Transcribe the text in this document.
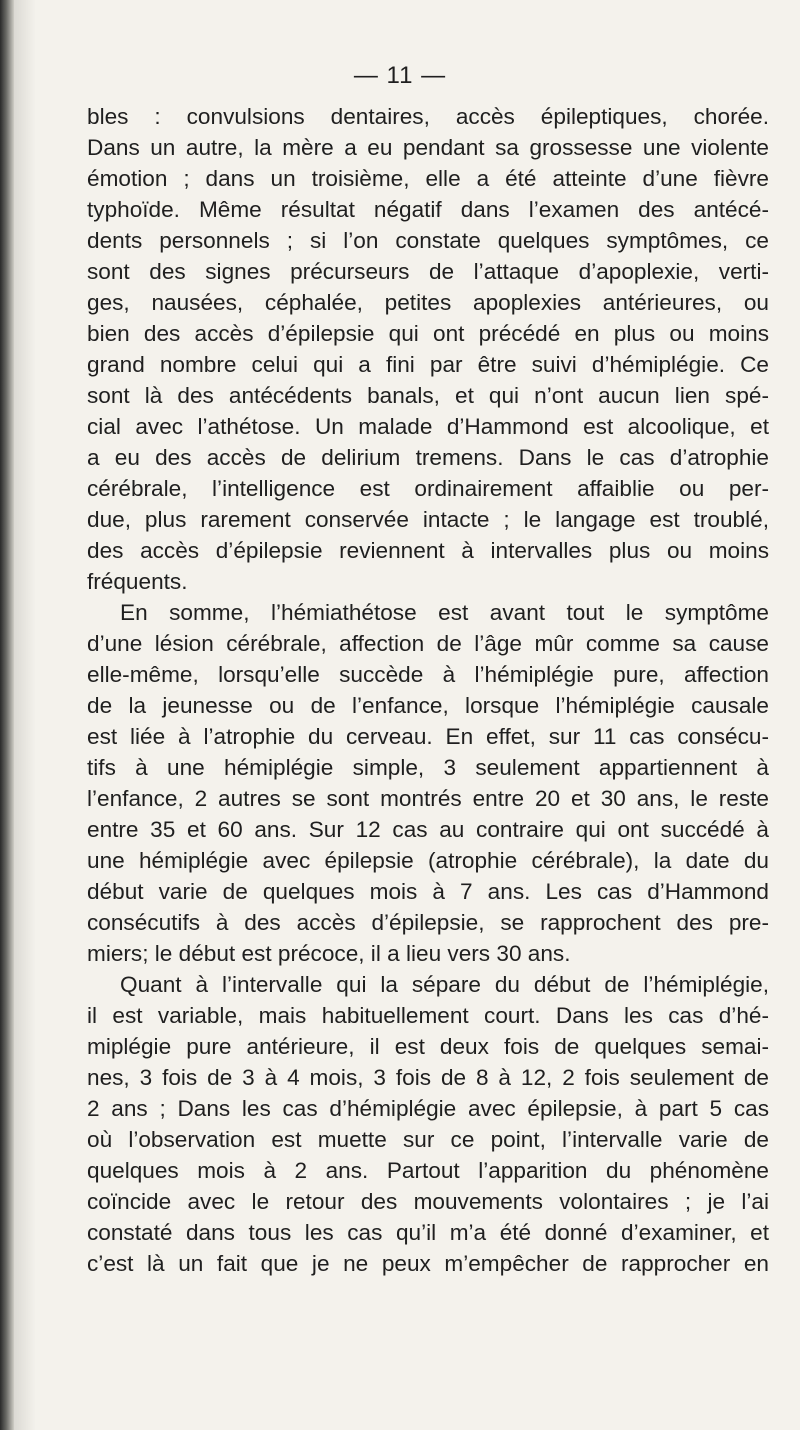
— 11 —
bles : convulsions dentaires, accès épileptiques, chorée.
Dans un autre, la mère a eu pendant sa grossesse une violente
émotion ; dans un troisième, elle a été atteinte d’une fièvre
typhoïde. Même résultat négatif dans l’examen des antécé-
dents personnels ; si l’on constate quelques symptômes, ce
sont des signes précurseurs de l’attaque d’apoplexie, verti-
ges, nausées, céphalée, petites apoplexies antérieures, ou
bien des accès d’épilepsie qui ont précédé en plus ou moins
grand nombre celui qui a fini par être suivi d’hémiplégie. Ce
sont là des antécédents banals, et qui n’ont aucun lien spé-
cial avec l’athétose. Un malade d’Hammond est alcoolique, et
a eu des accès de delirium tremens. Dans le cas d’atrophie
cérébrale, l’intelligence est ordinairement affaiblie ou per-
due, plus rarement conservée intacte ; le langage est troublé,
des accès d’épilepsie reviennent à intervalles plus ou moins
fréquents.
En somme, l’hémiathétose est avant tout le symptôme
d’une lésion cérébrale, affection de l’âge mûr comme sa cause
elle-même, lorsqu’elle succède à l’hémiplégie pure, affection
de la jeunesse ou de l’enfance, lorsque l’hémiplégie causale
est liée à l’atrophie du cerveau. En effet, sur 11 cas consécu-
tifs à une hémiplégie simple, 3 seulement appartiennent à
l’enfance, 2 autres se sont montrés entre 20 et 30 ans, le reste
entre 35 et 60 ans. Sur 12 cas au contraire qui ont succédé à
une hémiplégie avec épilepsie (atrophie cérébrale), la date du
début varie de quelques mois à 7 ans. Les cas d’Hammond
consécutifs à des accès d’épilepsie, se rapprochent des pre-
miers; le début est précoce, il a lieu vers 30 ans.
Quant à l’intervalle qui la sépare du début de l’hémiplégie,
il est variable, mais habituellement court. Dans les cas d’hé-
miplégie pure antérieure, il est deux fois de quelques semai-
nes, 3 fois de 3 à 4 mois, 3 fois de 8 à 12, 2 fois seulement de
2 ans ; Dans les cas d’hémiplégie avec épilepsie, à part 5 cas
où l’observation est muette sur ce point, l’intervalle varie de
quelques mois à 2 ans. Partout l’apparition du phénomène
coïncide avec le retour des mouvements volontaires ; je l’ai
constaté dans tous les cas qu’il m’a été donné d’examiner, et
c’est là un fait que je ne peux m’empêcher de rapprocher en
